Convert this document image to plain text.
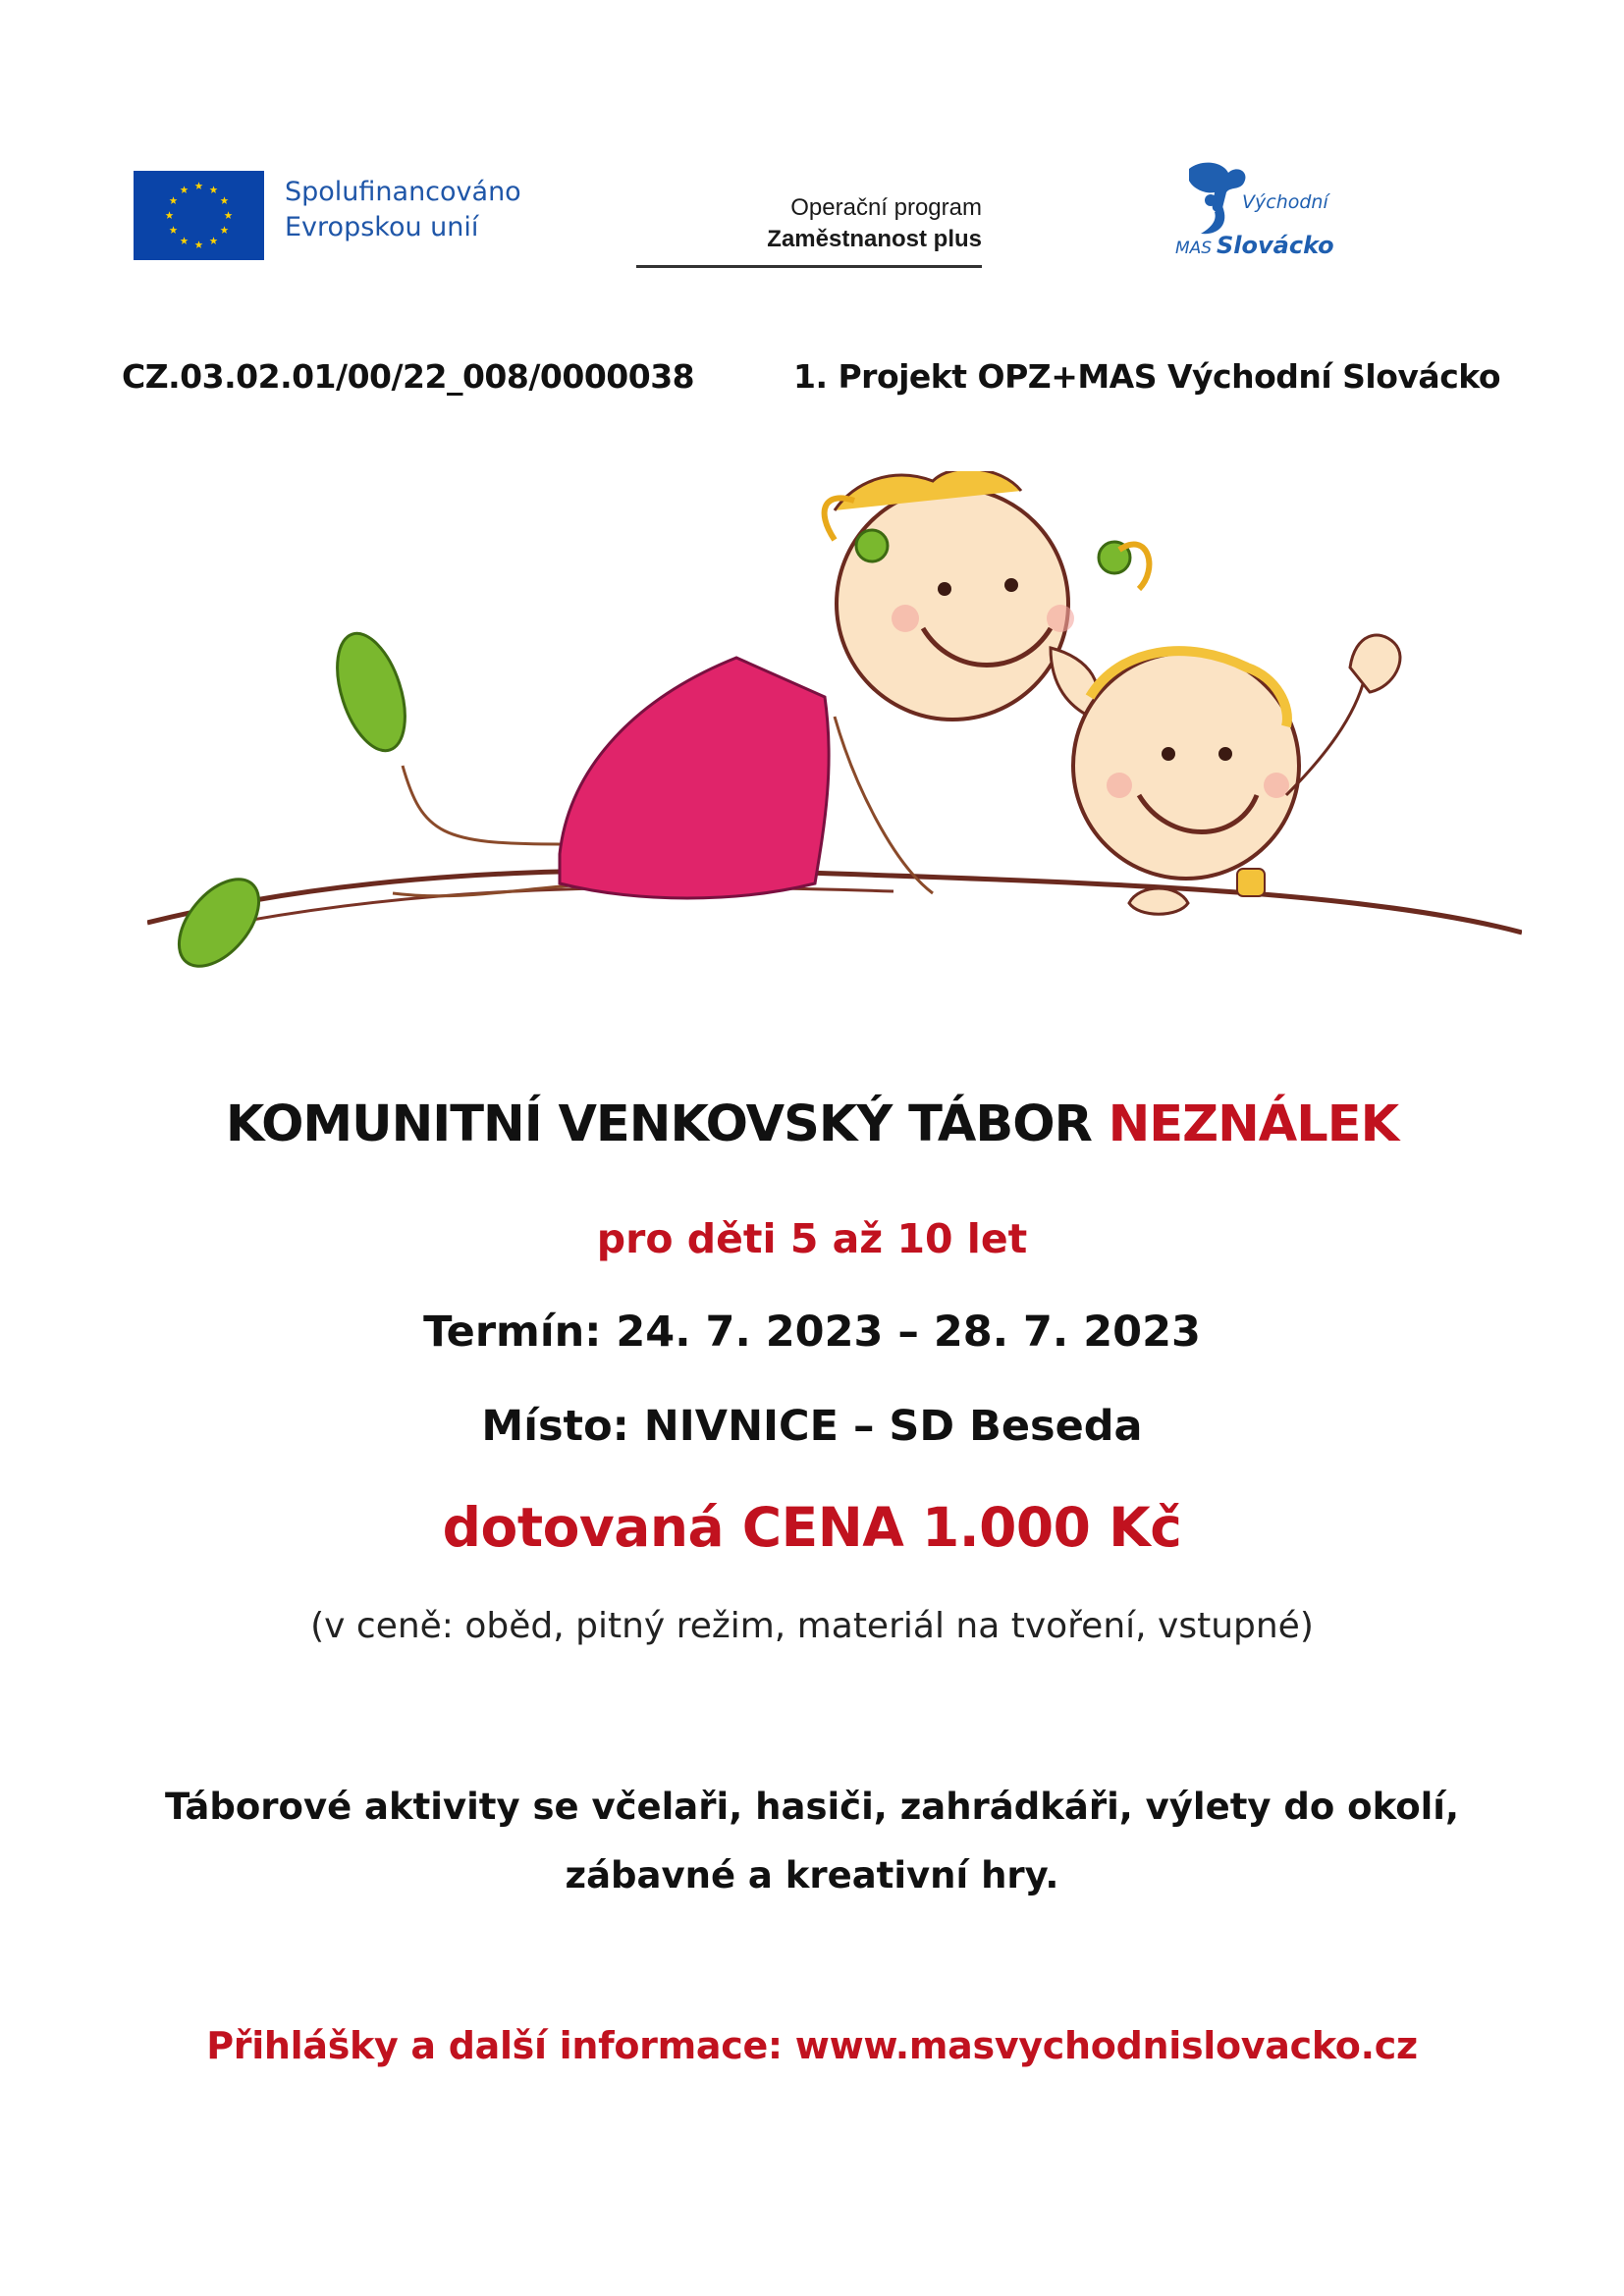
Spolufinancováno
Evropskou unií
Operační program
Zaměstnanost plus
Východní
MAS Slovácko
CZ.03.02.01/00/22_008/0000038	1. Projekt OPZ+MAS Východní Slovácko
KOMUNITNÍ VENKOVSKÝ TÁBOR NEZNÁLEK
pro děti 5 až 10 let
Termín: 24. 7. 2023 – 28. 7. 2023
Místo: NIVNICE – SD Beseda
dotovaná CENA 1.000 Kč
(v ceně: oběd, pitný režim, materiál na tvoření, vstupné)
Táborové aktivity se včelaři, hasiči, zahrádkáři, výlety do okolí,
zábavné a kreativní hry.
Přihlášky a další informace: www.masvychodnislovacko.cz
